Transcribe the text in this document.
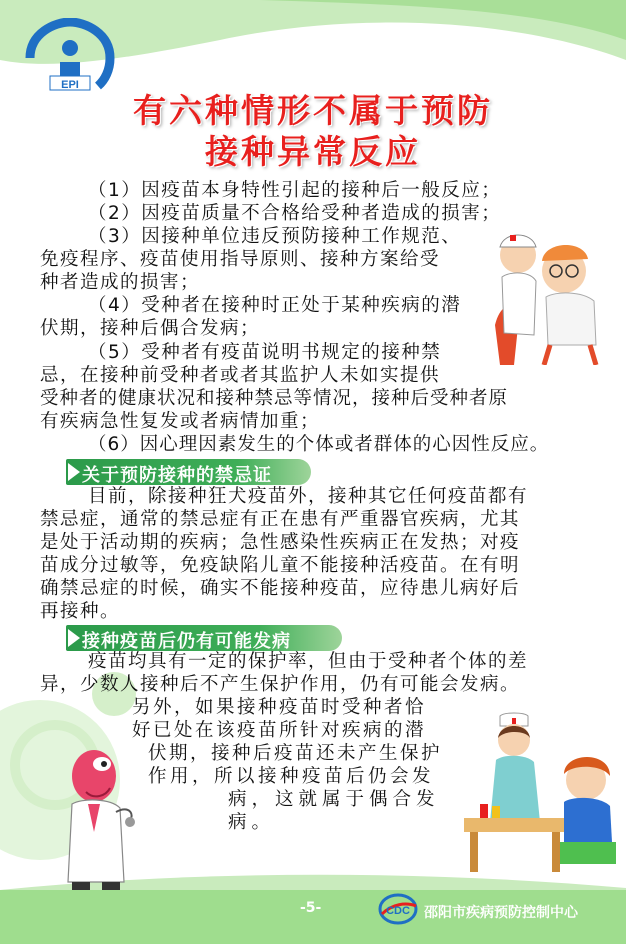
EPI
有六种情形不属于预防
接种异常反应
（1）因疫苗本身特性引起的接种后一般反应；
（2）因疫苗质量不合格给受种者造成的损害；
（3）因接种单位违反预防接种工作规范、
免疫程序、疫苗使用指导原则、接种方案给受
种者造成的损害；
（4）受种者在接种时正处于某种疾病的潜
伏期，接种后偶合发病；
（5）受种者有疫苗说明书规定的接种禁
忌，在接种前受种者或者其监护人未如实提供
受种者的健康状况和接种禁忌等情况，接种后受种者原
有疾病急性复发或者病情加重；
（6）因心理因素发生的个体或者群体的心因性反应。
关于预防接种的禁忌证
目前，除接种狂犬疫苗外，接种其它任何疫苗都有
禁忌症，通常的禁忌症有正在患有严重器官疾病，尤其
是处于活动期的疾病；急性感染性疾病正在发热；对疫
苗成分过敏等，免疫缺陷儿童不能接种活疫苗。在有明
确禁忌症的时候，确实不能接种疫苗，应待患儿病好后
再接种。
接种疫苗后仍有可能发病
疫苗均具有一定的保护率，但由于受种者个体的差
异，少数人接种后不产生保护作用，仍有可能会发病。
另外，如果接种疫苗时受种者恰
好已处在该疫苗所针对疾病的潜
伏期，接种后疫苗还未产生保护
作用，所以接种疫苗后仍会发
病，这就属于偶合发
病。
-5-	CDC 邵阳市疾病预防控制中心
